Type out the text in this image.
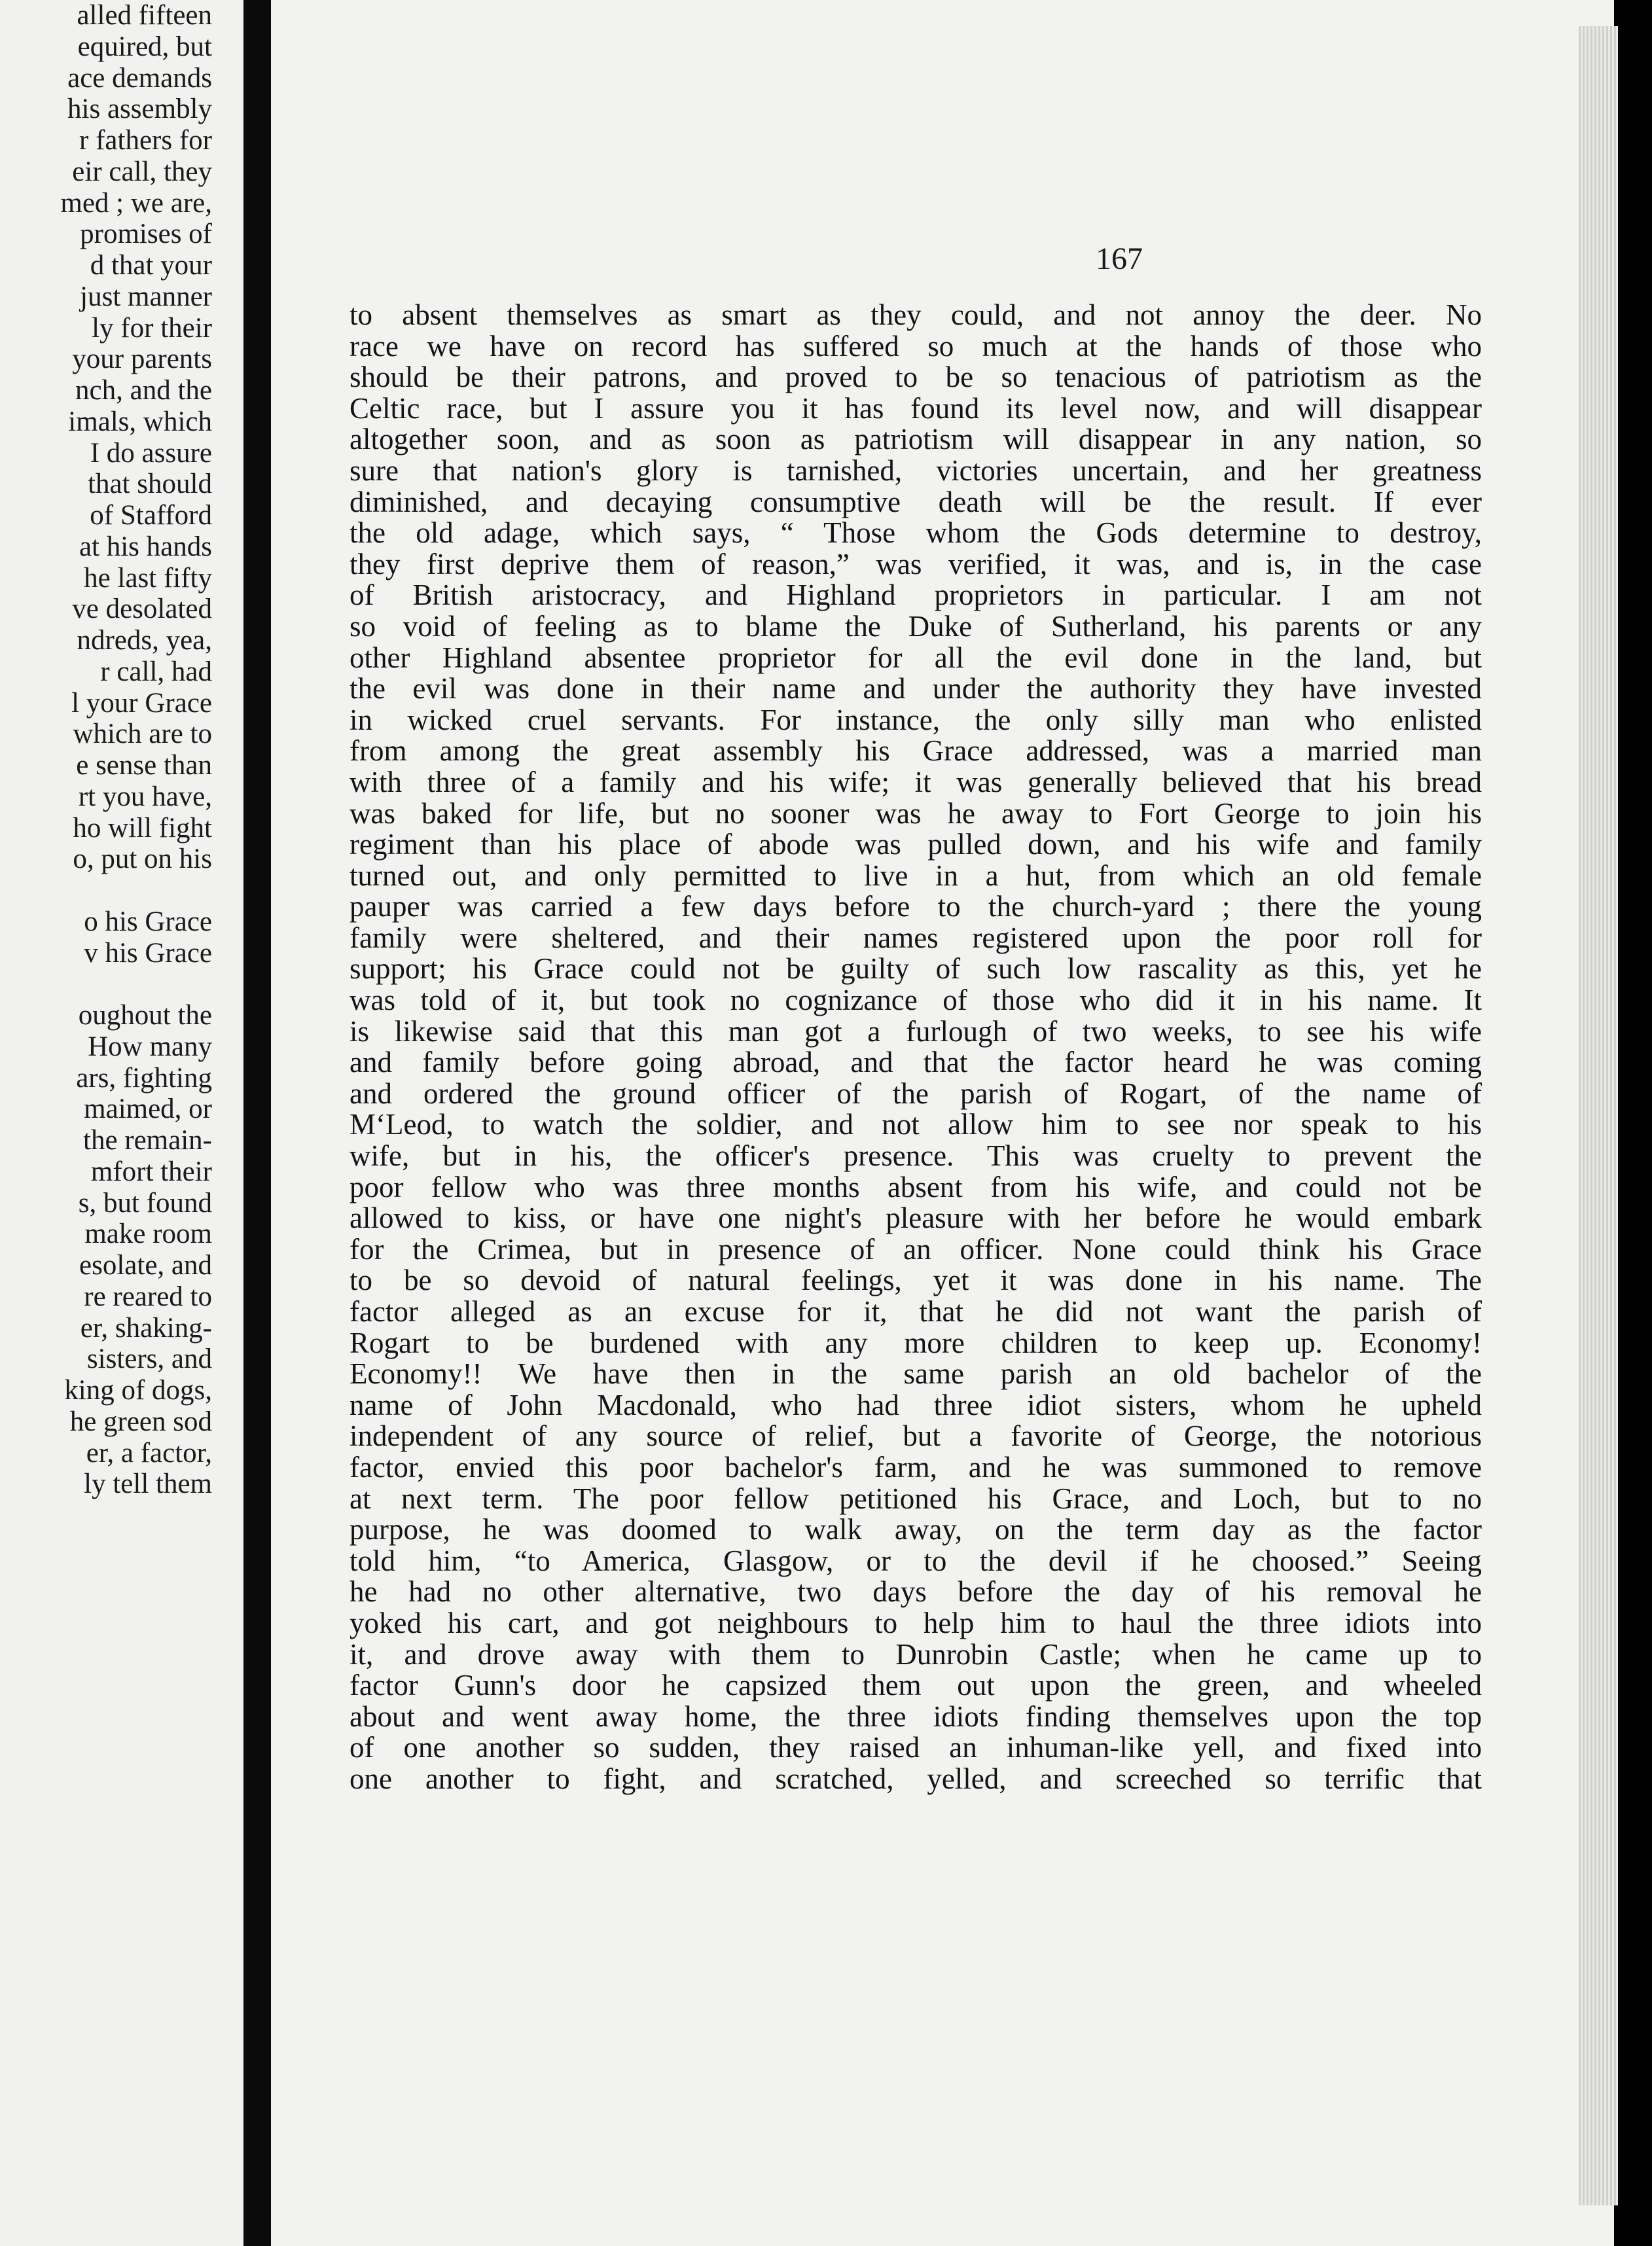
alled fifteen
equired, but
ace demands
his assembly
r fathers for
eir call, they
med ; we are,
promises of
d that your
just manner
ly for their
your parents
nch, and the
imals, which
I do assure
that should
of Stafford
at his hands
he last fifty
ve desolated
ndreds, yea,
r call, had
l your Grace
which are to
e sense than
rt you have,
ho will fight
o, put on his
o his Grace
v his Grace
oughout the
How many
ars, fighting
maimed, or
the remain-
mfort their
s, but found
make room
esolate, and
re reared to
er, shaking-
sisters, and
king of dogs,
he green sod
er, a factor,
ly tell them
167
to absent themselves as smart as they could, and not annoy the deer. No
race we have on record has suffered so much at the hands of those who
should be their patrons, and proved to be so tenacious of patriotism as the
Celtic race, but I assure you it has found its level now, and will disappear
altogether soon, and as soon as patriotism will disappear in any nation, so
sure that nation's glory is tarnished, victories uncertain, and her greatness
diminished, and decaying consumptive death will be the result. If ever
the old adage, which says, “ Those whom the Gods determine to destroy,
they first deprive them of reason,” was verified, it was, and is, in the case
of British aristocracy, and Highland proprietors in particular. I am not
so void of feeling as to blame the Duke of Sutherland, his parents or any
other Highland absentee proprietor for all the evil done in the land, but
the evil was done in their name and under the authority they have invested
in wicked cruel servants. For instance, the only silly man who enlisted
from among the great assembly his Grace addressed, was a married man
with three of a family and his wife; it was generally believed that his bread
was baked for life, but no sooner was he away to Fort George to join his
regiment than his place of abode was pulled down, and his wife and family
turned out, and only permitted to live in a hut, from which an old female
pauper was carried a few days before to the church-yard ; there the young
family were sheltered, and their names registered upon the poor roll for
support; his Grace could not be guilty of such low rascality as this, yet he
was told of it, but took no cognizance of those who did it in his name. It
is likewise said that this man got a furlough of two weeks, to see his wife
and family before going abroad, and that the factor heard he was coming
and ordered the ground officer of the parish of Rogart, of the name of
M‘Leod, to watch the soldier, and not allow him to see nor speak to his
wife, but in his, the officer's presence. This was cruelty to prevent the
poor fellow who was three months absent from his wife, and could not be
allowed to kiss, or have one night's pleasure with her before he would embark
for the Crimea, but in presence of an officer. None could think his Grace
to be so devoid of natural feelings, yet it was done in his name. The
factor alleged as an excuse for it, that he did not want the parish of
Rogart to be burdened with any more children to keep up. Economy!
Economy!! We have then in the same parish an old bachelor of the
name of John Macdonald, who had three idiot sisters, whom he upheld
independent of any source of relief, but a favorite of George, the notorious
factor, envied this poor bachelor's farm, and he was summoned to remove
at next term. The poor fellow petitioned his Grace, and Loch, but to no
purpose, he was doomed to walk away, on the term day as the factor
told him, “to America, Glasgow, or to the devil if he choosed.” Seeing
he had no other alternative, two days before the day of his removal he
yoked his cart, and got neighbours to help him to haul the three idiots into
it, and drove away with them to Dunrobin Castle; when he came up to
factor Gunn's door he capsized them out upon the green, and wheeled
about and went away home, the three idiots finding themselves upon the top
of one another so sudden, they raised an inhuman-like yell, and fixed into
one another to fight, and scratched, yelled, and screeched so terrific that
